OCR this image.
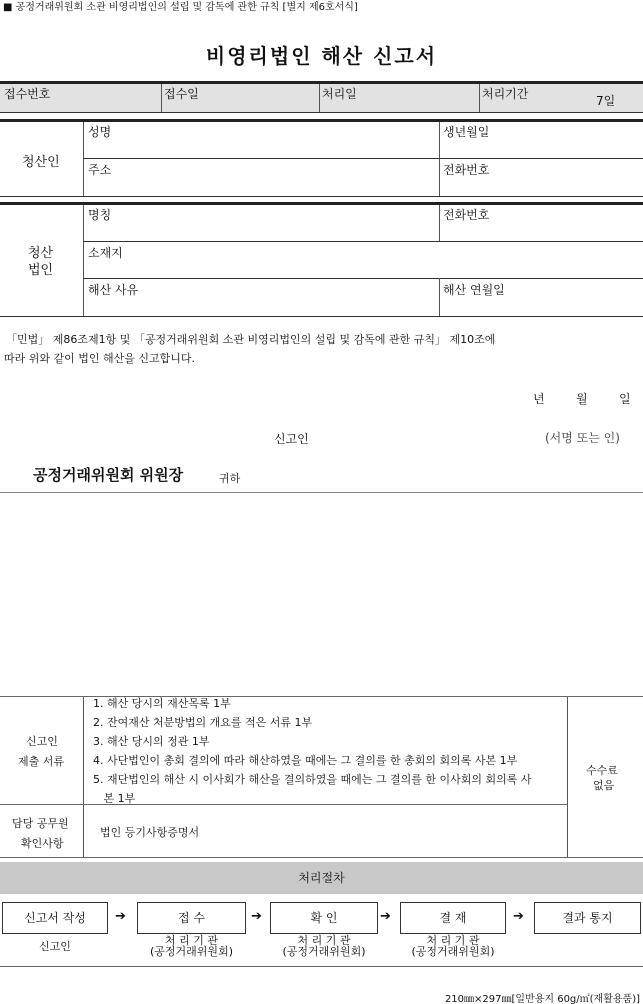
■ 공정거래위원회 소관 비영리법인의 설립 및 감독에 관한 규칙 [별지 제6호서식]
비영리법인 해산 신고서
접수번호	접수일	처리일	처리기간	7일
청산인
성명	생년월일
주소	전화번호
청산
법인
명칭	전화번호
소재지
해산 사유	해산 연월일
「민법」 제86조제1항 및 「공정거래위원회 소관 비영리법인의 설립 및 감독에 관한 규칙」 제10조에
따라 위와 같이 법인 해산을 신고합니다.
년	월	일
신고인	(서명 또는 인)
공정거래위원회 위원장	귀하
신고인
제출 서류
1. 해산 당시의 재산목록 1부
2. 잔여재산 처분방법의 개요를 적은 서류 1부
3. 해산 당시의 정관 1부
4. 사단법인이 총회 결의에 따라 해산하였을 때에는 그 결의를 한 총회의 회의록 사본 1부
5. 재단법인의 해산 시 이사회가 해산을 결의하였을 때에는 그 결의를 한 이사회의 회의록 사
본 1부
수수료
없음
담당 공무원
확인사항
법인 등기사항증명서
처리절차
신고서 작성	➔	접 수	➔	확 인	➔	결 재	➔	결과 통지
신고인	처 리 기 관
(공정거래위원회)
처 리 기 관
(공정거래위원회)
처 리 기 관
(공정거래위원회)
210㎜×297㎜[일반용지 60g/㎡(재활용품)]
